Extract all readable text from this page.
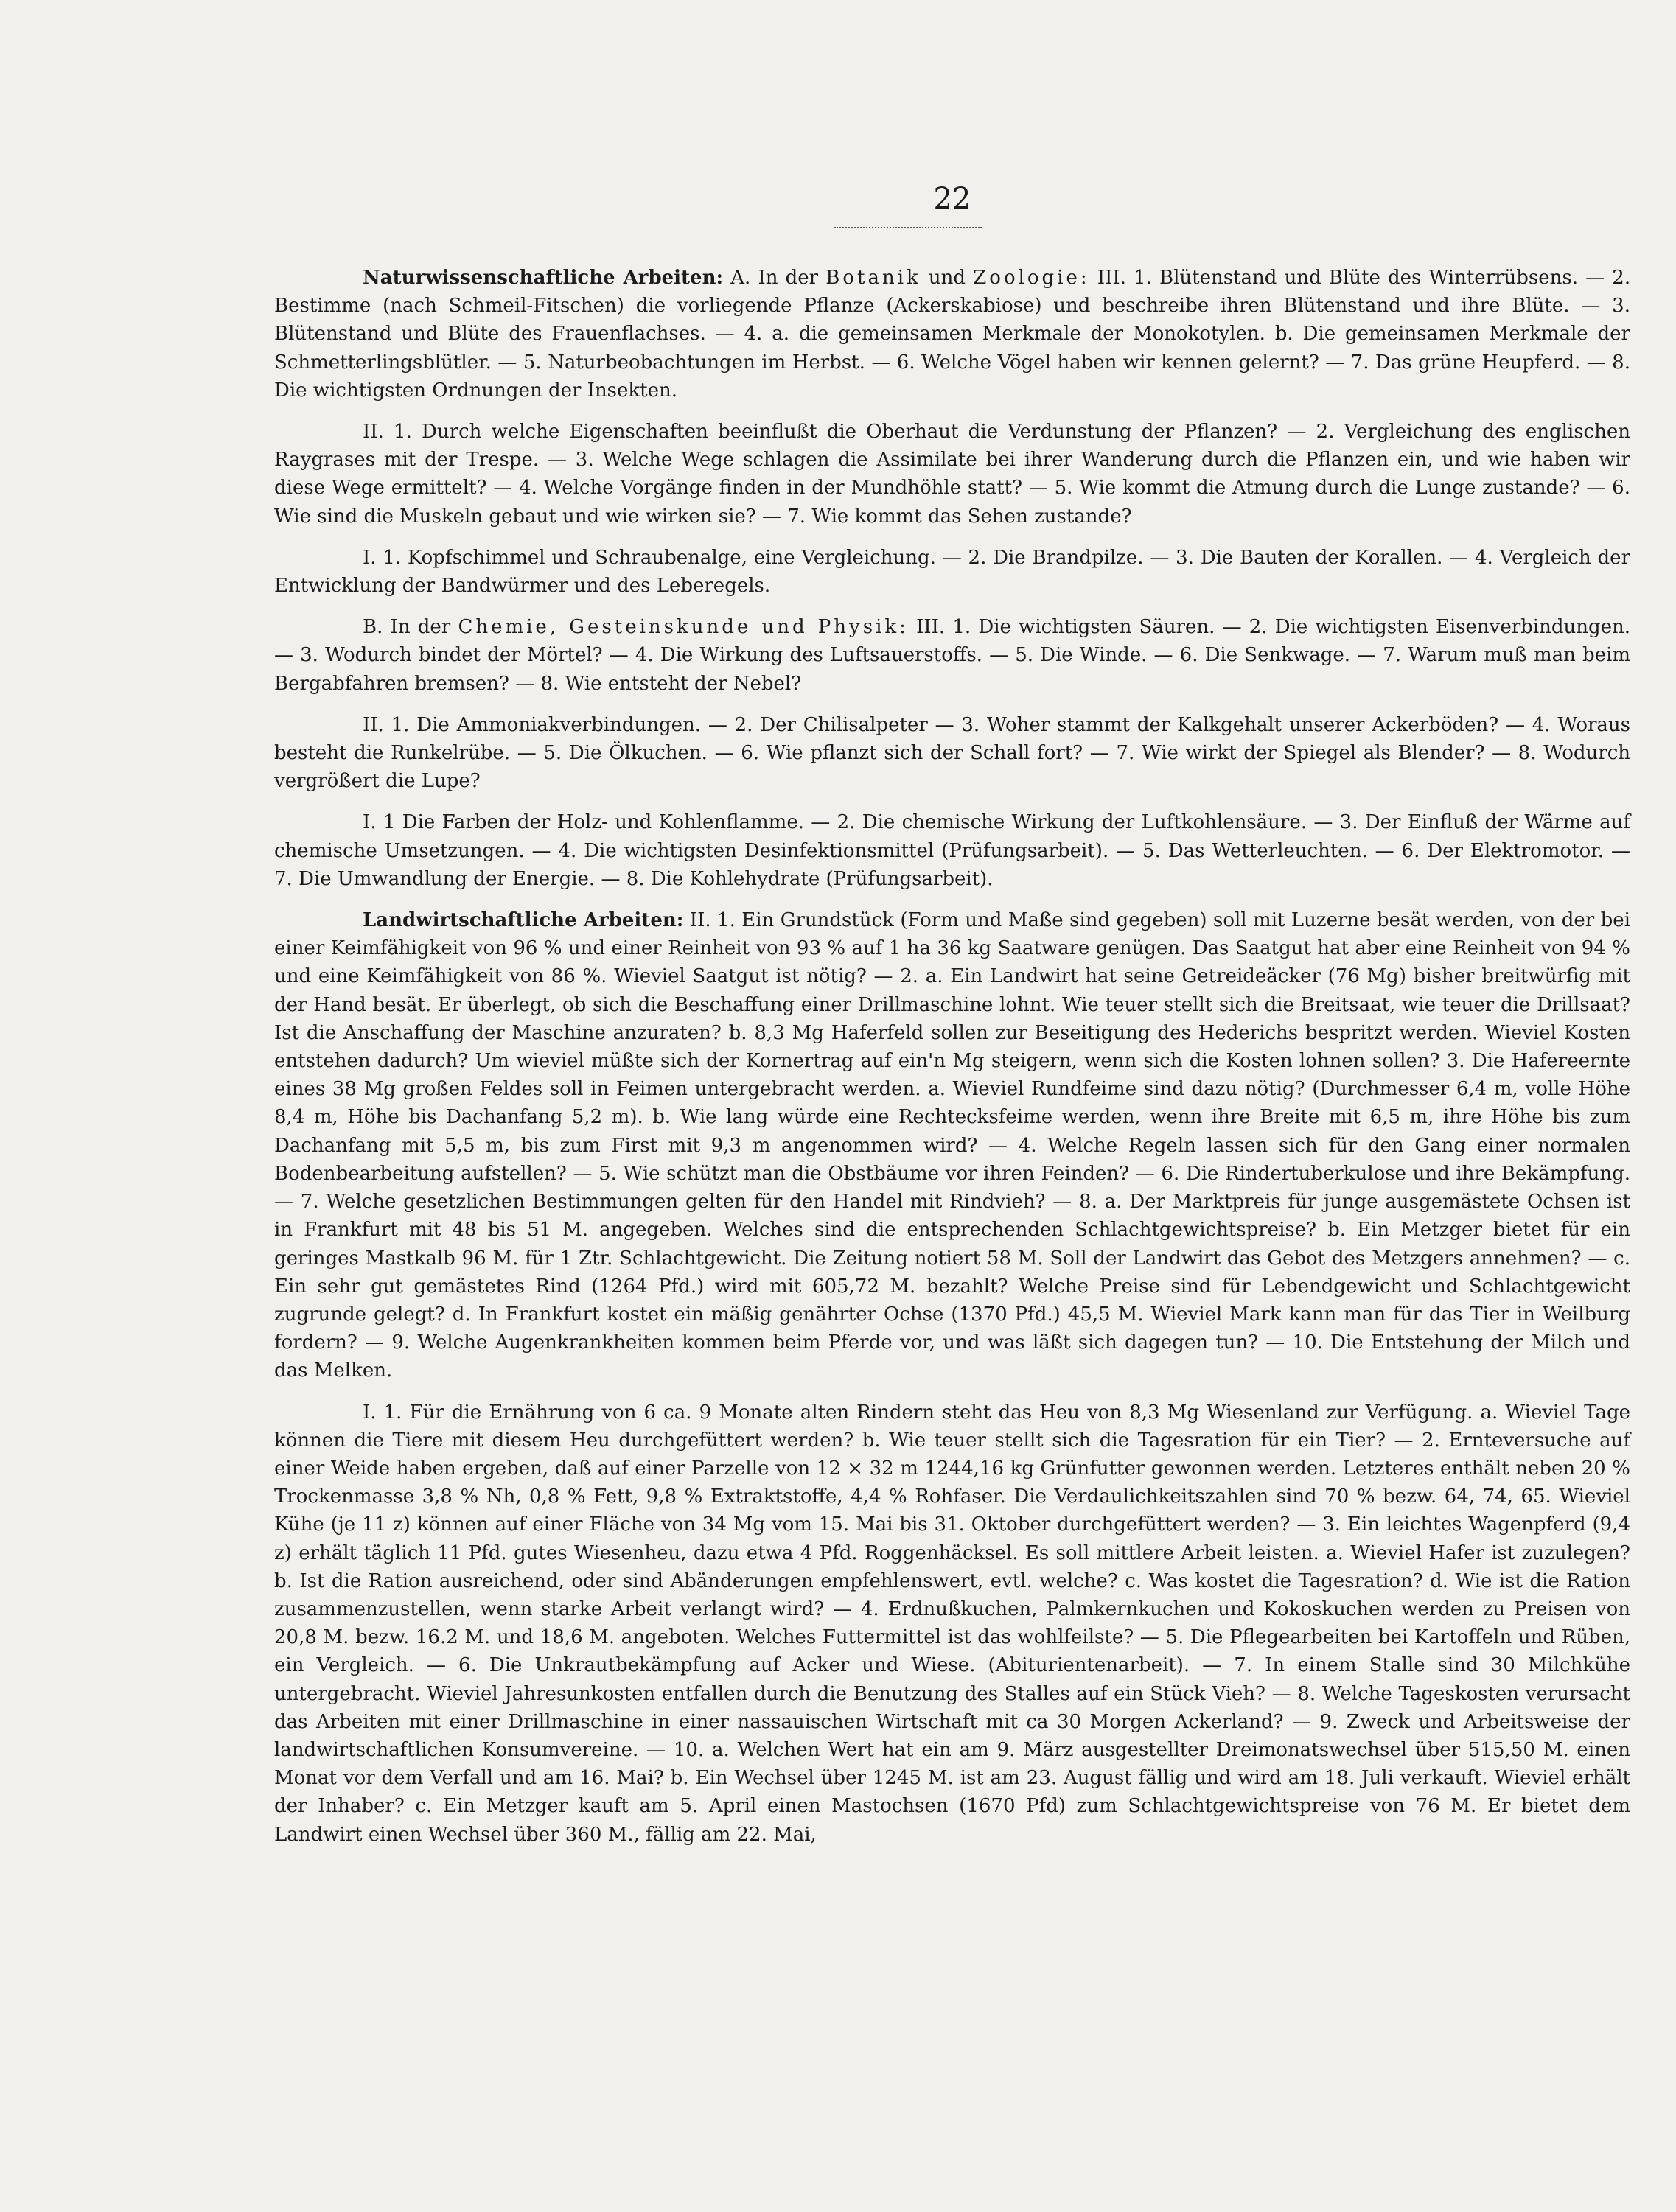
22

Naturwissenschaftliche Arbeiten: A. In der Botanik und Zoologie: III. 1. Blütenstand und Blüte des Winterrübsens. — 2. Bestimme (nach Schmeil-Fitschen) die vorliegende Pflanze (Ackerskabiose) und beschreibe ihren Blütenstand und ihre Blüte. — 3. Blütenstand und Blüte des Frauenflachses. — 4. a. die gemeinsamen Merkmale der Monokotylen. b. Die gemeinsamen Merkmale der Schmetterlingsblütler. — 5. Naturbeobachtungen im Herbst. — 6. Welche Vögel haben wir kennen gelernt? — 7. Das grüne Heupferd. — 8. Die wichtigsten Ordnungen der Insekten.

II. 1. Durch welche Eigenschaften beeinflußt die Oberhaut die Verdunstung der Pflanzen? — 2. Vergleichung des englischen Raygrases mit der Trespe. — 3. Welche Wege schlagen die Assimilate bei ihrer Wanderung durch die Pflanzen ein, und wie haben wir diese Wege ermittelt? — 4. Welche Vorgänge finden in der Mundhöhle statt? — 5. Wie kommt die Atmung durch die Lunge zustande? — 6. Wie sind die Muskeln gebaut und wie wirken sie? — 7. Wie kommt das Sehen zustande?

I. 1. Kopfschimmel und Schraubenalge, eine Vergleichung. — 2. Die Brandpilze. — 3. Die Bauten der Korallen. — 4. Vergleich der Entwicklung der Bandwürmer und des Leberegels.

B. In der Chemie, Gesteinskunde und Physik: III. 1. Die wichtigsten Säuren. — 2. Die wichtigsten Eisenverbindungen. — 3. Wodurch bindet der Mörtel? — 4. Die Wirkung des Luftsauerstoffs. — 5. Die Winde. — 6. Die Senkwage. — 7. Warum muß man beim Bergabfahren bremsen? — 8. Wie entsteht der Nebel?

II. 1. Die Ammoniakverbindungen. — 2. Der Chilisalpeter — 3. Woher stammt der Kalkgehalt unserer Ackerböden? — 4. Woraus besteht die Runkelrübe. — 5. Die Ölkuchen. — 6. Wie pflanzt sich der Schall fort? — 7. Wie wirkt der Spiegel als Blender? — 8. Wodurch vergrößert die Lupe?

I. 1 Die Farben der Holz- und Kohlenflamme. — 2. Die chemische Wirkung der Luftkohlensäure. — 3. Der Einfluß der Wärme auf chemische Umsetzungen. — 4. Die wichtigsten Desinfektionsmittel (Prüfungsarbeit). — 5. Das Wetterleuchten. — 6. Der Elektromotor. — 7. Die Umwandlung der Energie. — 8. Die Kohlehydrate (Prüfungsarbeit).

Landwirtschaftliche Arbeiten: II. 1. Ein Grundstück (Form und Maße sind gegeben) soll mit Luzerne besät werden, von der bei einer Keimfähigkeit von 96 % und einer Reinheit von 93 % auf 1 ha 36 kg Saatware genügen. Das Saatgut hat aber eine Reinheit von 94 % und eine Keimfähigkeit von 86 %. Wieviel Saatgut ist nötig? — 2. a. Ein Landwirt hat seine Getreideäcker (76 Mg) bisher breitwürfig mit der Hand besät. Er überlegt, ob sich die Beschaffung einer Drillmaschine lohnt. Wie teuer stellt sich die Breitsaat, wie teuer die Drillsaat? Ist die Anschaffung der Maschine anzuraten? b. 8,3 Mg Haferfeld sollen zur Beseitigung des Hederichs bespritzt werden. Wieviel Kosten entstehen dadurch? Um wieviel müßte sich der Kornertrag auf ein'n Mg steigern, wenn sich die Kosten lohnen sollen? 3. Die Hafereernte eines 38 Mg großen Feldes soll in Feimen untergebracht werden. a. Wieviel Rundfeime sind dazu nötig? (Durchmesser 6,4 m, volle Höhe 8,4 m, Höhe bis Dachanfang 5,2 m). b. Wie lang würde eine Rechtecksfeime werden, wenn ihre Breite mit 6,5 m, ihre Höhe bis zum Dachanfang mit 5,5 m, bis zum First mit 9,3 m angenommen wird? — 4. Welche Regeln lassen sich für den Gang einer normalen Bodenbearbeitung aufstellen? — 5. Wie schützt man die Obstbäume vor ihren Feinden? — 6. Die Rindertuberkulose und ihre Bekämpfung. — 7. Welche gesetzlichen Bestimmungen gelten für den Handel mit Rindvieh? — 8. a. Der Marktpreis für junge ausgemästete Ochsen ist in Frankfurt mit 48 bis 51 M. angegeben. Welches sind die entsprechenden Schlachtgewichtspreise? b. Ein Metzger bietet für ein geringes Mastkalb 96 M. für 1 Ztr. Schlachtgewicht. Die Zeitung notiert 58 M. Soll der Landwirt das Gebot des Metzgers annehmen? — c. Ein sehr gut gemästetes Rind (1264 Pfd.) wird mit 605,72 M. bezahlt? Welche Preise sind für Lebendgewicht und Schlachtgewicht zugrunde gelegt? d. In Frankfurt kostet ein mäßig genährter Ochse (1370 Pfd.) 45,5 M. Wieviel Mark kann man für das Tier in Weilburg fordern? — 9. Welche Augenkrankheiten kommen beim Pferde vor, und was läßt sich dagegen tun? — 10. Die Entstehung der Milch und das Melken.

I. 1. Für die Ernährung von 6 ca. 9 Monate alten Rindern steht das Heu von 8,3 Mg Wiesenland zur Verfügung. a. Wieviel Tage können die Tiere mit diesem Heu durchgefüttert werden? b. Wie teuer stellt sich die Tagesration für ein Tier? — 2. Ernteversuche auf einer Weide haben ergeben, daß auf einer Parzelle von 12 × 32 m 1244,16 kg Grünfutter gewonnen werden. Letzteres enthält neben 20 % Trockenmasse 3,8 % Nh, 0,8 % Fett, 9,8 % Extraktstoffe, 4,4 % Rohfaser. Die Verdaulichkeitszahlen sind 70 % bezw. 64, 74, 65. Wieviel Kühe (je 11 z) können auf einer Fläche von 34 Mg vom 15. Mai bis 31. Oktober durchgefüttert werden? — 3. Ein leichtes Wagenpferd (9,4 z) erhält täglich 11 Pfd. gutes Wiesenheu, dazu etwa 4 Pfd. Roggenhäcksel. Es soll mittlere Arbeit leisten. a. Wieviel Hafer ist zuzulegen? b. Ist die Ration ausreichend, oder sind Abänderungen empfehlenswert, evtl. welche? c. Was kostet die Tagesration? d. Wie ist die Ration zusammenzustellen, wenn starke Arbeit verlangt wird? — 4. Erdnußkuchen, Palmkernkuchen und Kokoskuchen werden zu Preisen von 20,8 M. bezw. 16.2 M. und 18,6 M. angeboten. Welches Futtermittel ist das wohlfeilste? — 5. Die Pflegearbeiten bei Kartoffeln und Rüben, ein Vergleich. — 6. Die Unkrautbekämpfung auf Acker und Wiese. (Abiturientenarbeit). — 7. In einem Stalle sind 30 Milchkühe untergebracht. Wieviel Jahresunkosten entfallen durch die Benutzung des Stalles auf ein Stück Vieh? — 8. Welche Tageskosten verursacht das Arbeiten mit einer Drillmaschine in einer nassauischen Wirtschaft mit ca 30 Morgen Ackerland? — 9. Zweck und Arbeitsweise der landwirtschaftlichen Konsumvereine. — 10. a. Welchen Wert hat ein am 9. März ausgestellter Dreimonatswechsel über 515,50 M. einen Monat vor dem Verfall und am 16. Mai? b. Ein Wechsel über 1245 M. ist am 23. August fällig und wird am 18. Juli verkauft. Wieviel erhält der Inhaber? c. Ein Metzger kauft am 5. April einen Mastochsen (1670 Pfd) zum Schlachtgewichtspreise von 76 M. Er bietet dem Landwirt einen Wechsel über 360 M., fällig am 22. Mai,
